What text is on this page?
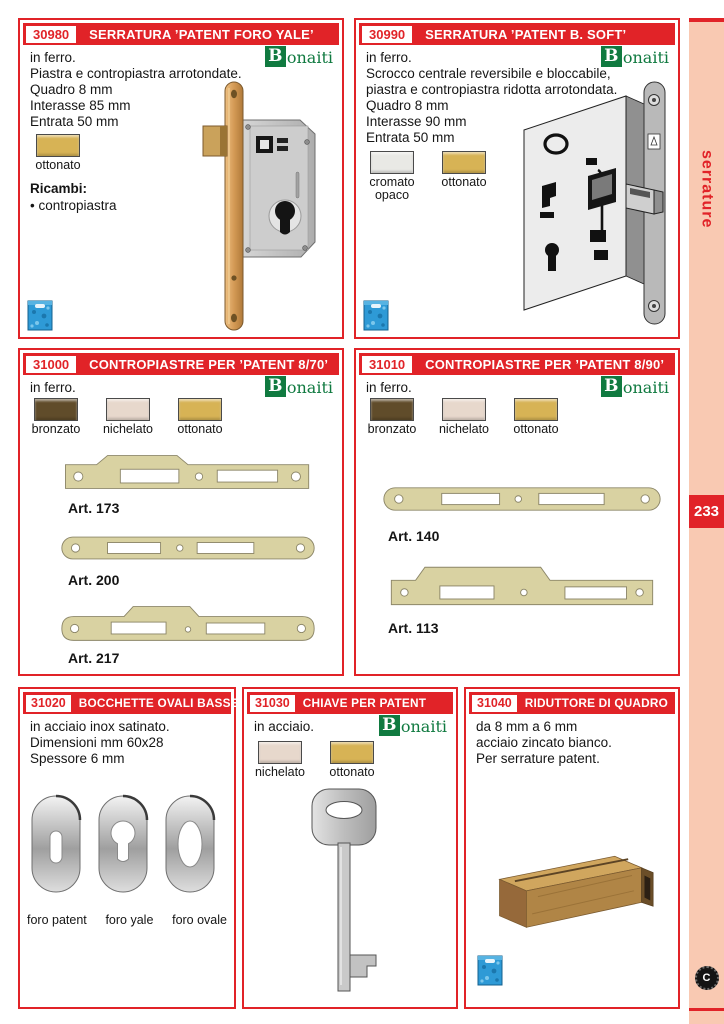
30980	SERRATURA ’PATENT FORO YALE’
B onaiti
in ferro.
Piastra e contropiastra arrotondate.
Quadro 8 mm
Interasse 85 mm
Entrata 50 mm
ottonato
Ricambi:
• contropiastra
30990	SERRATURA ’PATENT B. SOFT’
B onaiti
in ferro.
Scrocco centrale reversibile e bloccabile,
piastra e contropiastra ridotta arrotondata.
Quadro 8 mm
Interasse 90 mm
Entrata 50 mm
cromato opaco
ottonato
31000	CONTROPIASTRE PER ’PATENT 8/70’
B onaiti
in ferro.
bronzato nichelato ottonato
Art. 173
Art. 200
Art. 217
31010	CONTROPIASTRE PER ’PATENT 8/90’
B onaiti
in ferro.
bronzato nichelato ottonato
Art. 140
Art. 113
31020	BOCCHETTE OVALI BASSE
in acciaio inox satinato.
Dimensioni mm 60x28
Spessore 6 mm
foro patent foro yale foro ovale
31030	CHIAVE PER PATENT
B onaiti
in acciaio.
nichelato ottonato
31040	RIDUTTORE DI QUADRO
da 8 mm a 6 mm
acciaio zincato bianco.
Per serrature patent.
serrature
233
C
